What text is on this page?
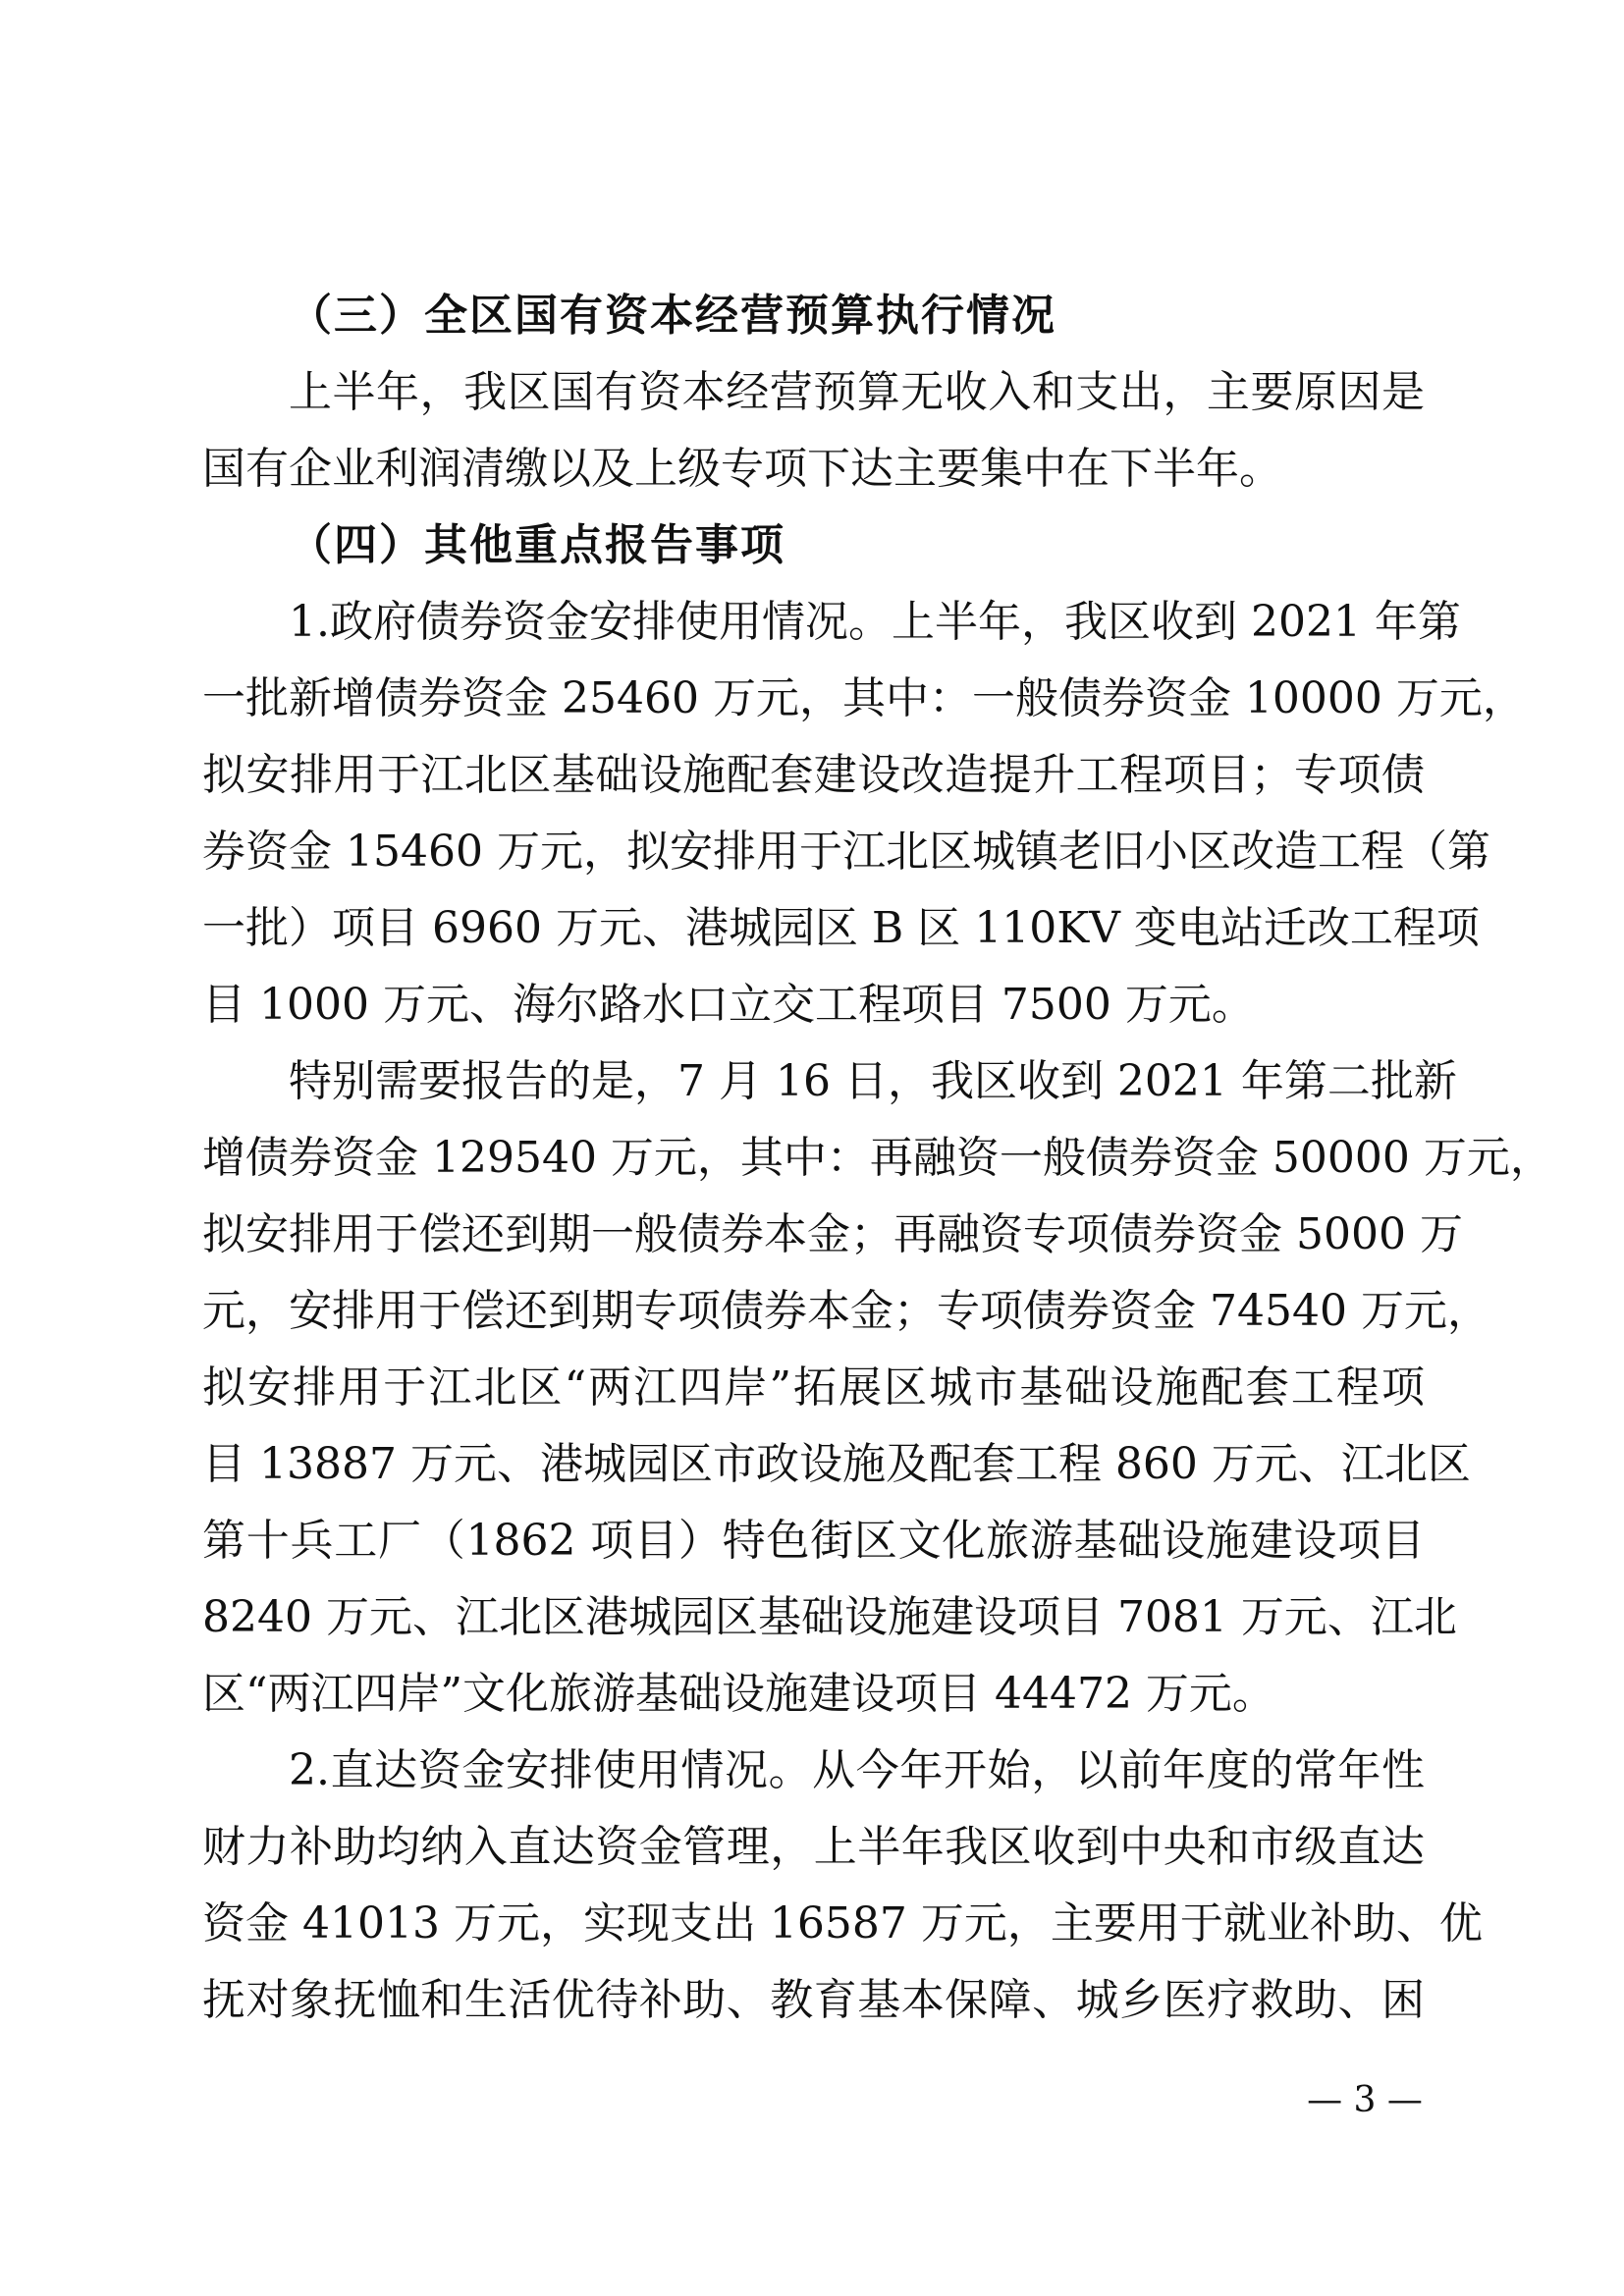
（三）全区国有资本经营预算执行情况
上半年，我区国有资本经营预算无收入和支出，主要原因是
国有企业利润清缴以及上级专项下达主要集中在下半年。
（四）其他重点报告事项
1.政府债券资金安排使用情况。上半年，我区收到 2021 年第
一批新增债券资金 25460 万元，其中：一般债券资金 10000 万元，
拟安排用于江北区基础设施配套建设改造提升工程项目；专项债
券资金 15460 万元，拟安排用于江北区城镇老旧小区改造工程（第
一批）项目 6960 万元、港城园区 B 区 110KV 变电站迁改工程项
目 1000 万元、海尔路水口立交工程项目 7500 万元。
特别需要报告的是，7 月 16 日，我区收到 2021 年第二批新
增债券资金 129540 万元，其中：再融资一般债券资金 50000 万元，
拟安排用于偿还到期一般债券本金；再融资专项债券资金 5000 万
元，安排用于偿还到期专项债券本金；专项债券资金 74540 万元，
拟安排用于江北区“两江四岸”拓展区城市基础设施配套工程项
目 13887 万元、港城园区市政设施及配套工程 860 万元、江北区
第十兵工厂（1862 项目）特色街区文化旅游基础设施建设项目
8240 万元、江北区港城园区基础设施建设项目 7081 万元、江北
区“两江四岸”文化旅游基础设施建设项目 44472 万元。
2.直达资金安排使用情况。从今年开始，以前年度的常年性
财力补助均纳入直达资金管理，上半年我区收到中央和市级直达
资金 41013 万元，实现支出 16587 万元，主要用于就业补助、优
抚对象抚恤和生活优待补助、教育基本保障、城乡医疗救助、困
— 3 —
